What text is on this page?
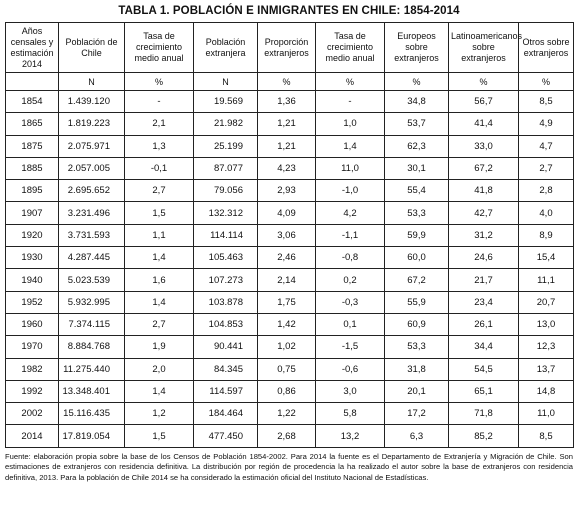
TABLA 1. POBLACIÓN E INMIGRANTES EN CHILE: 1854-2014
Años censales y estimación 2014	Población de Chile	Tasa de crecimiento medio anual	Población extranjera	Proporción extranjeros	Tasa de crecimiento medio anual	Europeos sobre extranjeros	Latinoamericanos sobre extranjeros	Otros sobre extranjeros
	N	%	N	%	%	%	%	%
1854	1.439.120	-	19.569	1,36	-	34,8	56,7	8,5
1865	1.819.223	2,1	21.982	1,21	1,0	53,7	41,4	4,9
1875	2.075.971	1,3	25.199	1,21	1,4	62,3	33,0	4,7
1885	2.057.005	-0,1	87.077	4,23	11,0	30,1	67,2	2,7
1895	2.695.652	2,7	79.056	2,93	-1,0	55,4	41,8	2,8
1907	3.231.496	1,5	132.312	4,09	4,2	53,3	42,7	4,0
1920	3.731.593	1,1	114.114	3,06	-1,1	59,9	31,2	8,9
1930	4.287.445	1,4	105.463	2,46	-0,8	60,0	24,6	15,4
1940	5.023.539	1,6	107.273	2,14	0,2	67,2	21,7	11,1
1952	5.932.995	1,4	103.878	1,75	-0,3	55,9	23,4	20,7
1960	7.374.115	2,7	104.853	1,42	0,1	60,9	26,1	13,0
1970	8.884.768	1,9	90.441	1,02	-1,5	53,3	34,4	12,3
1982	11.275.440	2,0	84.345	0,75	-0,6	31,8	54,5	13,7
1992	13.348.401	1,4	114.597	0,86	3,0	20,1	65,1	14,8
2002	15.116.435	1,2	184.464	1,22	5,8	17,2	71,8	11,0
2014	17.819.054	1,5	477.450	2,68	13,2	6,3	85,2	8,5
Fuente: elaboración propia sobre la base de los Censos de Población 1854-2002. Para 2014 la fuente es el Departamento de Extranjería y Migración de Chile. Son estimaciones de extranjeros con residencia definitiva. La distribución por región de procedencia la ha realizado el autor sobre la base de extranjeros con residencia definitiva, 2013. Para la población de Chile 2014 se ha considerado la estimación oficial del Instituto Nacional de Estadísticas.
